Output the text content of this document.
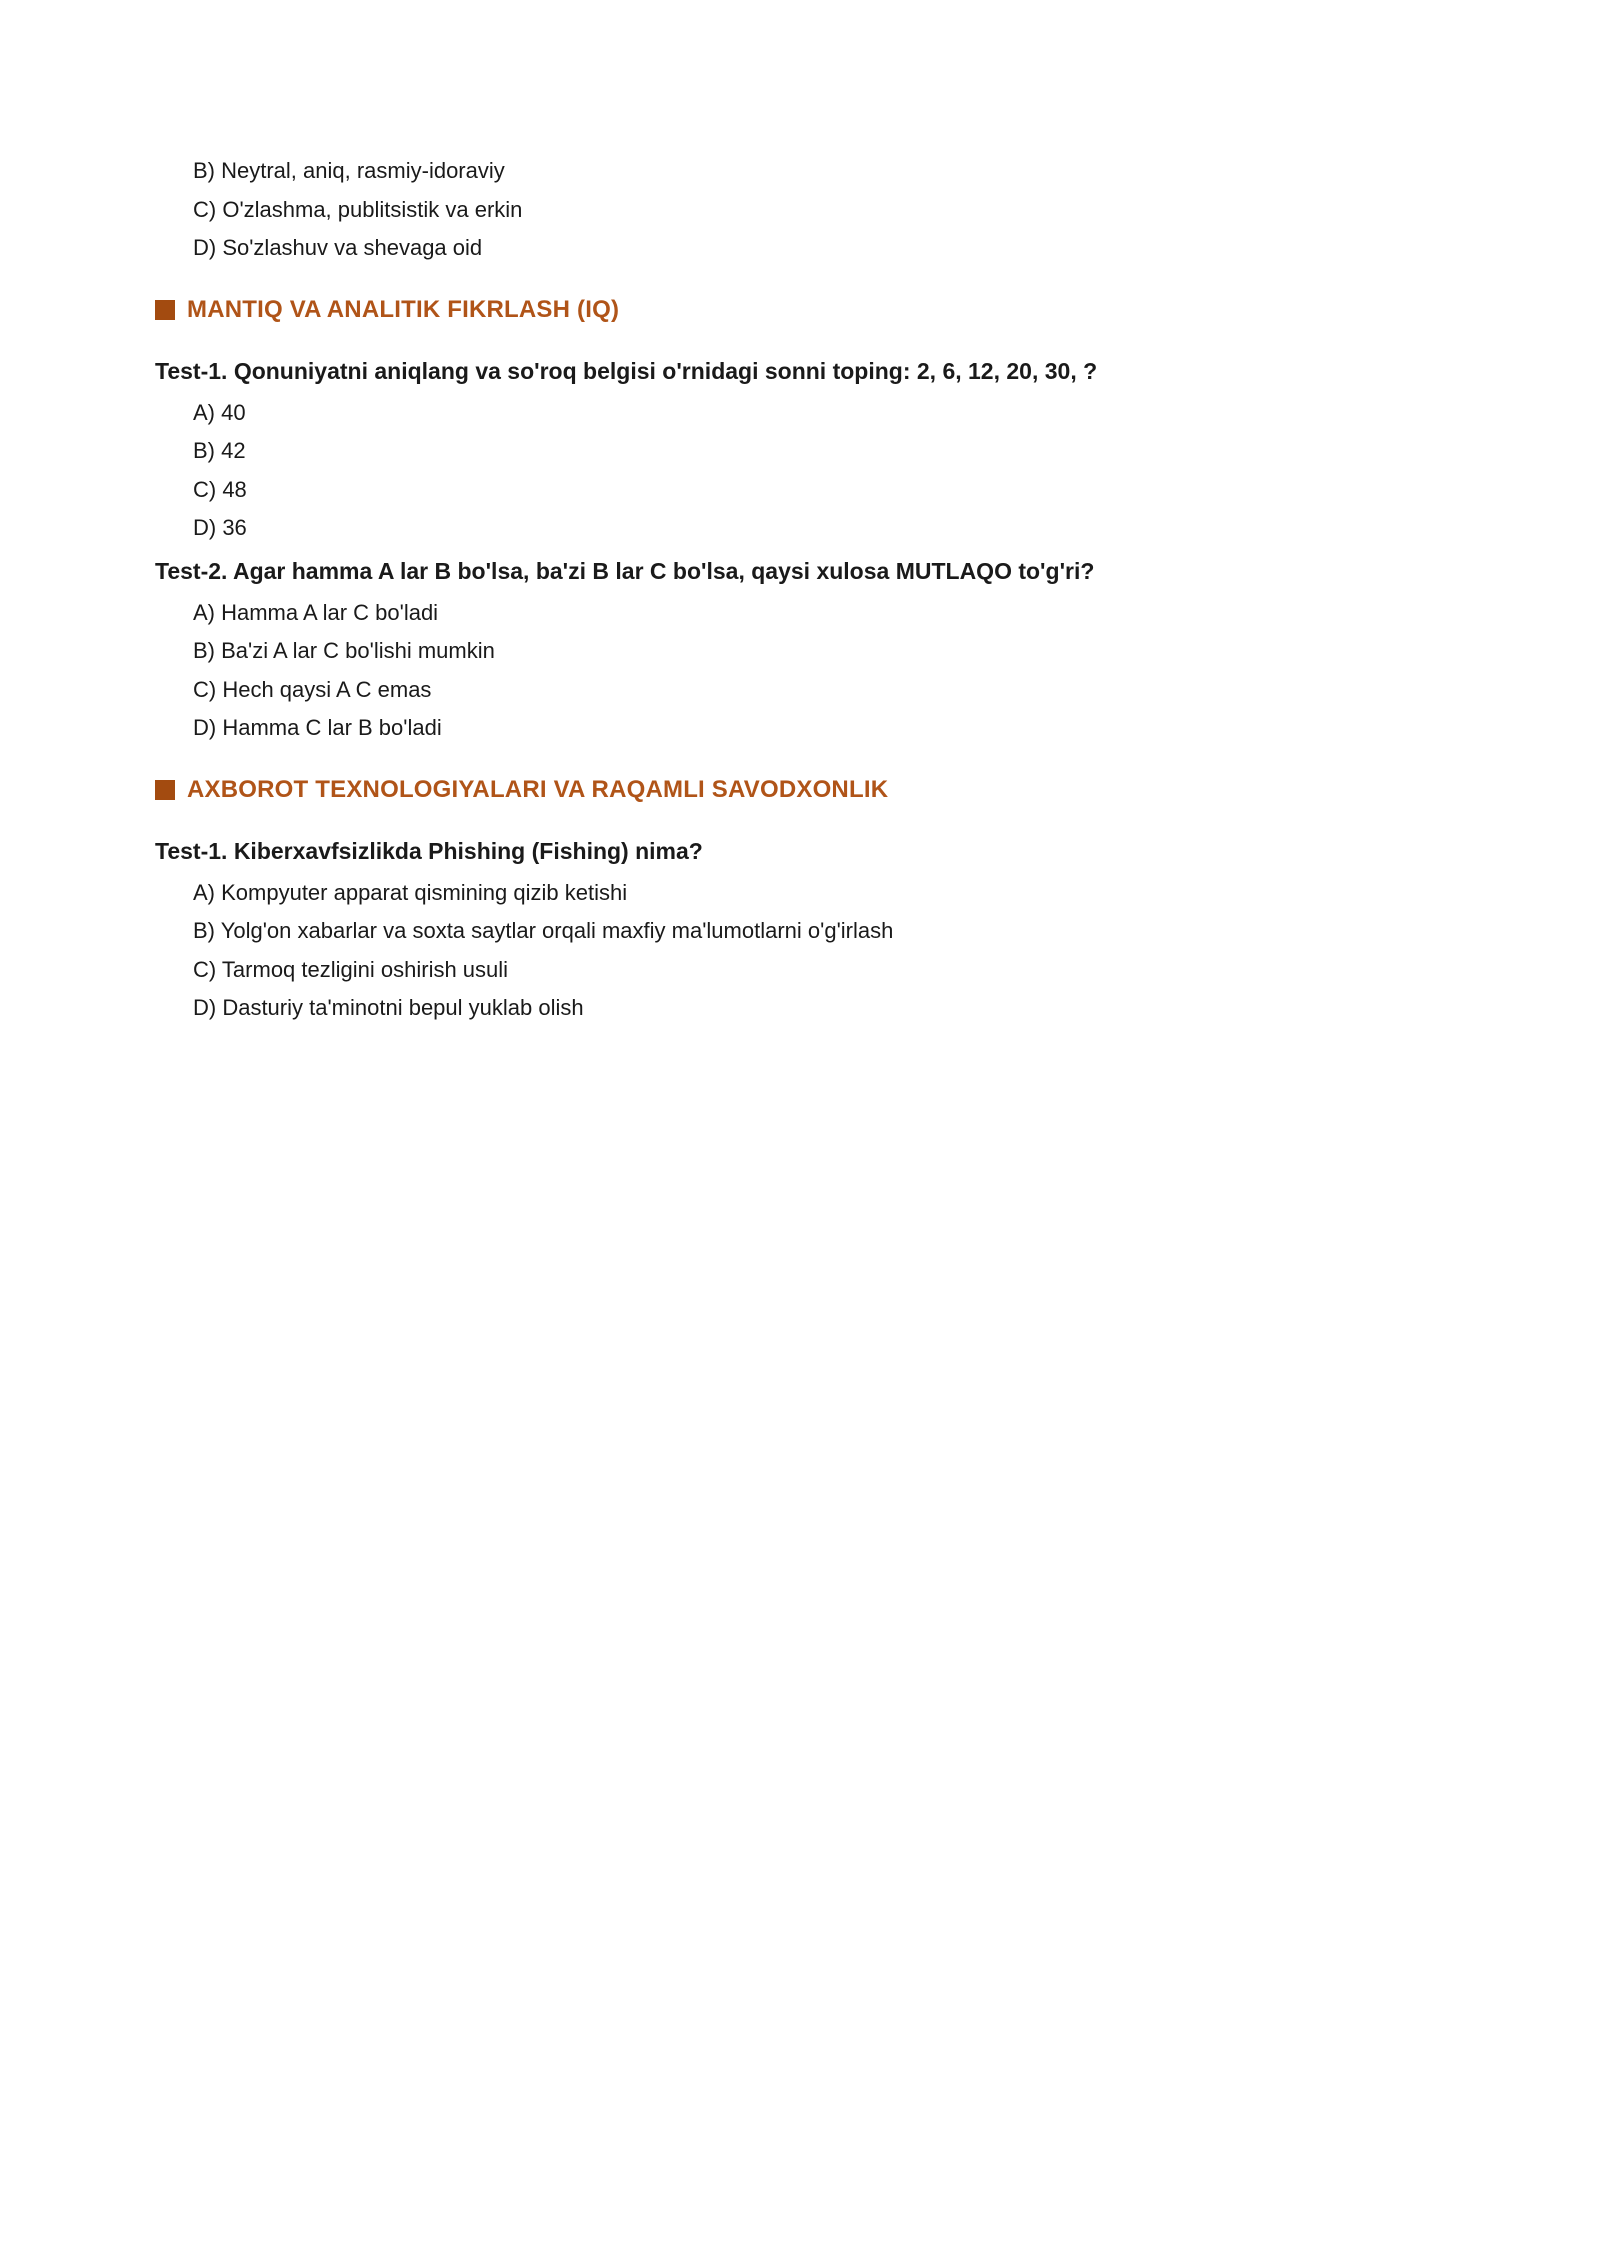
B) Neytral, aniq, rasmiy-idoraviy
C) O'zlashma, publitsistik va erkin
D) So'zlashuv va shevaga oid
MANTIQ VA ANALITIK FIKRLASH (IQ)
Test-1. Qonuniyatni aniqlang va so'roq belgisi o'rnidagi sonni toping: 2, 6, 12, 20, 30, ?
A) 40
B) 42
C) 48
D) 36
Test-2. Agar hamma A lar B bo'lsa, ba'zi B lar C bo'lsa, qaysi xulosa MUTLAQO to'g'ri?
A) Hamma A lar C bo'ladi
B) Ba'zi A lar C bo'lishi mumkin
C) Hech qaysi A C emas
D) Hamma C lar B bo'ladi
AXBOROT TEXNOLOGIYALARI VA RAQAMLI SAVODXONLIK
Test-1. Kiberxavfsizlikda Phishing (Fishing) nima?
A) Kompyuter apparat qismining qizib ketishi
B) Yolg'on xabarlar va soxta saytlar orqali maxfiy ma'lumotlarni o'g'irlash
C) Tarmoq tezligini oshirish usuli
D) Dasturiy ta'minotni bepul yuklab olish
